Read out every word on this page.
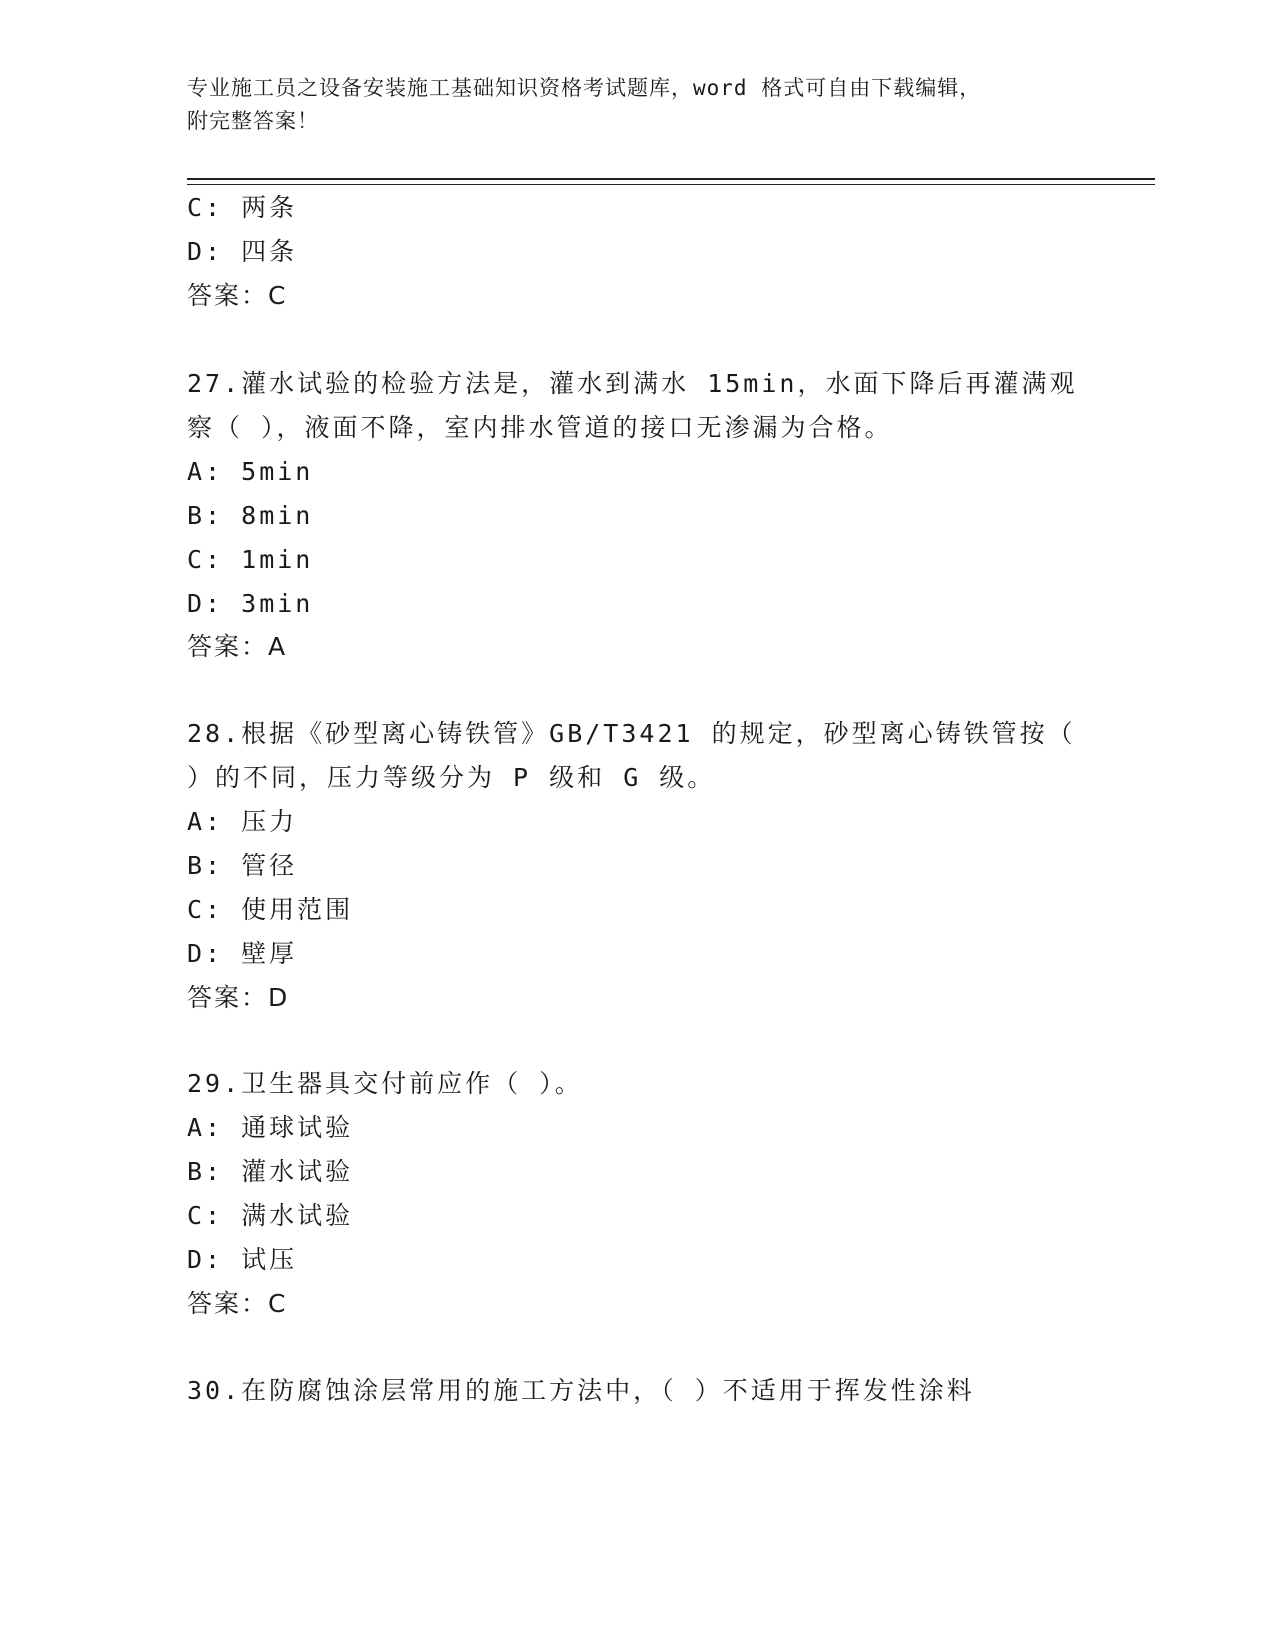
专业施工员之设备安装施工基础知识资格考试题库，word 格式可自由下载编辑，
附完整答案！
C: 两条
D: 四条
答案：C
27.灌水试验的检验方法是，灌水到满水 15min，水面下降后再灌满观
察（ ），液面不降，室内排水管道的接口无渗漏为合格。
A: 5min
B: 8min
C: 1min
D: 3min
答案：A
28.根据《砂型离心铸铁管》GB/T3421 的规定，砂型离心铸铁管按（
）的不同，压力等级分为 P 级和 G 级。
A: 压力
B: 管径
C: 使用范围
D: 壁厚
答案：D
29.卫生器具交付前应作（ ）。
A: 通球试验
B: 灌水试验
C: 满水试验
D: 试压
答案：C
30.在防腐蚀涂层常用的施工方法中，（ ）不适用于挥发性涂料
